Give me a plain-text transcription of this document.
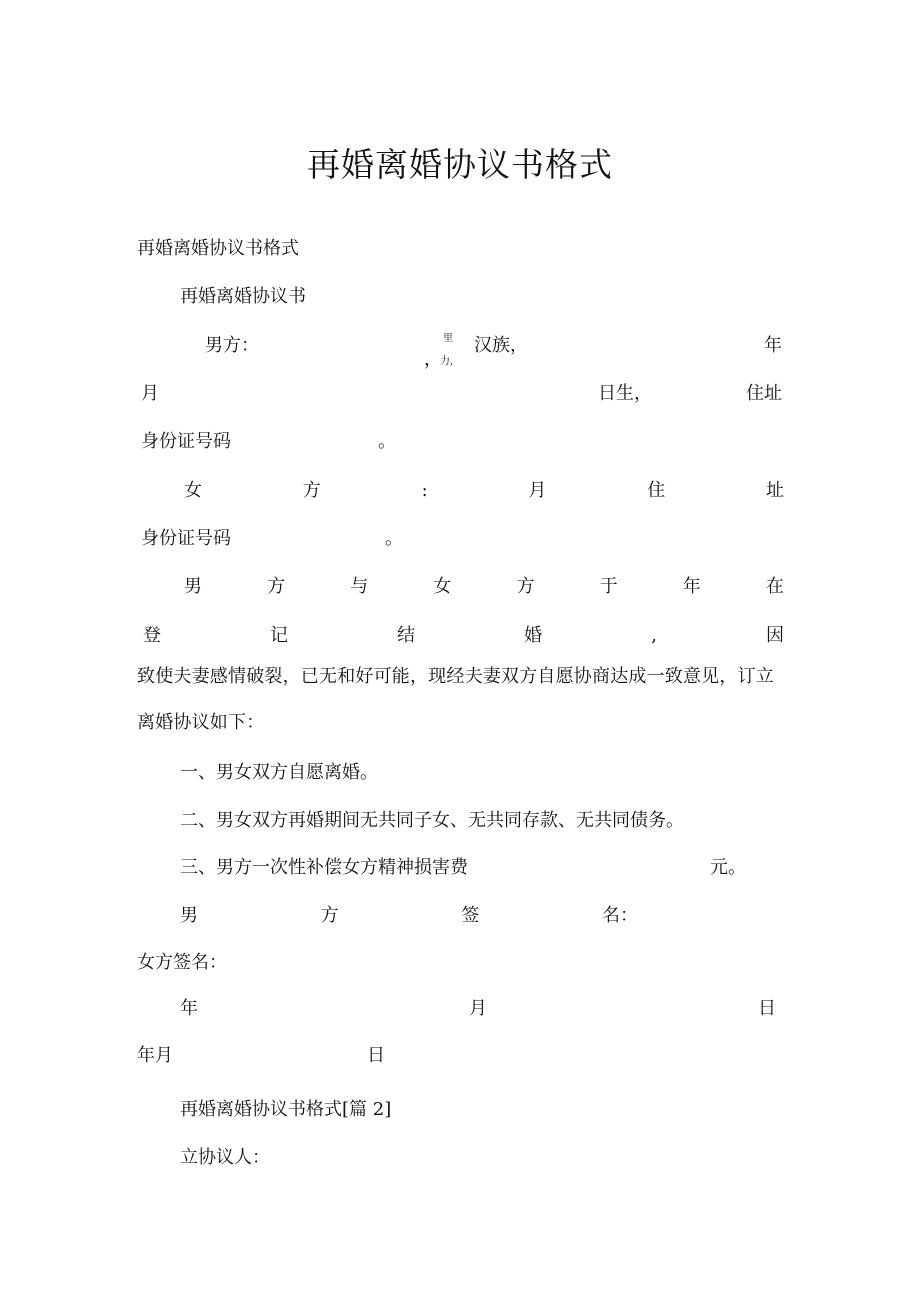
再婚离婚协议书格式
再婚离婚协议书格式
再婚离婚协议书
男方：	里
，
力,
汉族，	年
月	日生，	住址
身份证号码	。
女	方	:	月	住	址
身份证号码	。
男	方	与	女	方	于	年	在
登	记	结	婚	,	因
致使夫妻感情破裂，已无和好可能，现经夫妻双方自愿协商达成一致意见，订立离婚协议如下：
一、男女双方自愿离婚。
二、男女双方再婚期间无共同子女、无共同存款、无共同债务。
三、男方一次性补偿女方精神损害费	元。
男	方	签	名：
女方签名：
年	月	日
年月	日
再婚离婚协议书格式[篇 2]
立协议人：
